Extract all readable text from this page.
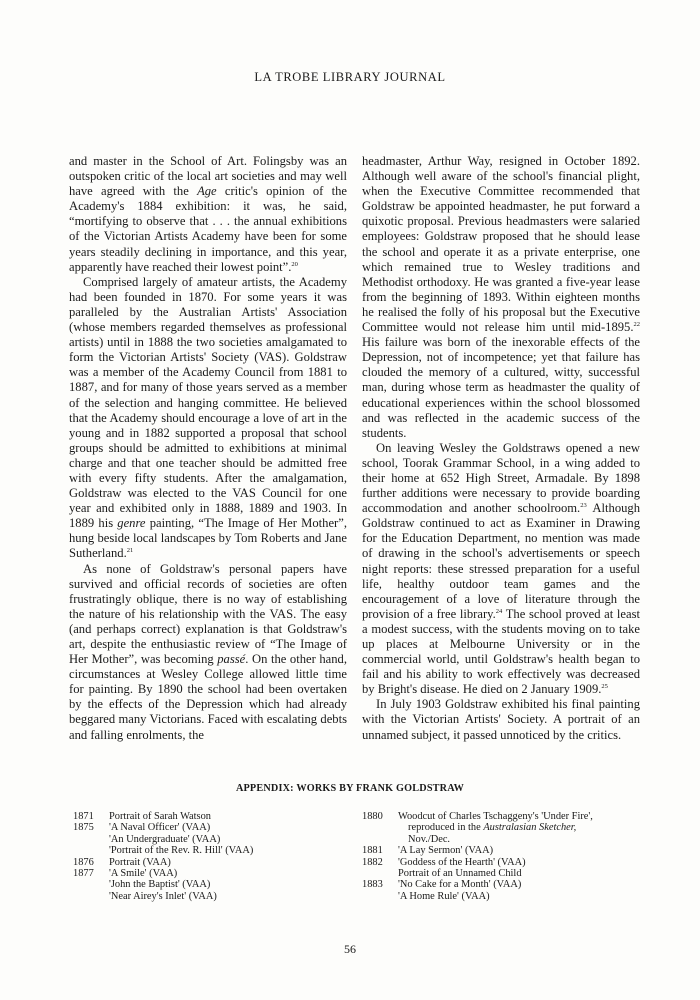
LA TROBE LIBRARY JOURNAL

and master in the School of Art. Folingsby was an outspoken critic of the local art societies and may well have agreed with the Age critic's opinion of the Academy's 1884 exhibition: it was, he said, “mortifying to observe that . . . the annual exhibitions of the Victorian Artists Academy have been for some years steadily declining in importance, and this year, apparently have reached their lowest point”.$^{20}$

Comprised largely of amateur artists, the Academy had been founded in 1870. For some years it was paralleled by the Australian Artists' Association (whose members regarded themselves as professional artists) until in 1888 the two societies amalgamated to form the Victorian Artists' Society (VAS). Goldstraw was a member of the Academy Council from 1881 to 1887, and for many of those years served as a member of the selection and hanging committee. He believed that the Academy should encourage a love of art in the young and in 1882 supported a proposal that school groups should be admitted to exhibitions at minimal charge and that one teacher should be admitted free with every fifty students. After the amalgamation, Goldstraw was elected to the VAS Council for one year and exhibited only in 1888, 1889 and 1903. In 1889 his genre painting, “The Image of Her Mother”, hung beside local landscapes by Tom Roberts and Jane Sutherland.$^{21}$

As none of Goldstraw's personal papers have survived and official records of societies are often frustratingly oblique, there is no way of establishing the nature of his relationship with the VAS. The easy (and perhaps correct) explanation is that Goldstraw's art, despite the enthusiastic review of “The Image of Her Mother”, was becoming passé. On the other hand, circumstances at Wesley College allowed little time for painting. By 1890 the school had been overtaken by the effects of the Depression which had already beggared many Victorians. Faced with escalating debts and falling enrolments, the

headmaster, Arthur Way, resigned in October 1892. Although well aware of the school's financial plight, when the Executive Committee recommended that Goldstraw be appointed headmaster, he put forward a quixotic proposal. Previous headmasters were salaried employees: Goldstraw proposed that he should lease the school and operate it as a private enterprise, one which remained true to Wesley traditions and Methodist orthodoxy. He was granted a five-year lease from the beginning of 1893. Within eighteen months he realised the folly of his proposal but the Executive Committee would not release him until mid-1895.22 His failure was born of the inexorable effects of the Depression, not of incompetence; yet that failure has clouded the memory of a cultured, witty, successful man, during whose term as headmaster the quality of educational experiences within the school blossomed and was reflected in the academic success of the students.

On leaving Wesley the Goldstraws opened a new school, Toorak Grammar School, in a wing added to their home at 652 High Street, Armadale. By 1898 further additions were necessary to provide boarding accommodation and another schoolroom.$^{23}$ Although Goldstraw continued to act as Examiner in Drawing for the Education Department, no mention was made of drawing in the school's advertisements or speech night reports: these stressed preparation for a useful life, healthy outdoor team games and the encouragement of a love of literature through the provision of a free library.$^{24}$ The school proved at least a modest success, with the students moving on to take up places at Melbourne University or in the commercial world, until Goldstraw's health began to fail and his ability to work effectively was decreased by Bright's disease. He died on 2 January 1909.25

In July 1903 Goldstraw exhibited his final painting with the Victorian Artists' Society. A portrait of an unnamed subject, it passed unnoticed by the critics.

APPENDIX: WORKS BY FRANK GOLDSTRAW
1871	Portrait of Sarah Watson
1875	'A Naval Officer' (VAA)
'An Undergraduate' (VAA)
'Portrait of the Rev. R. Hill' (VAA)
1876	Portrait (VAA)
1877	'A Smile' (VAA)
'John the Baptist' (VAA)
'Near Airey's Inlet' (VAA)
1880	Woodcut of Charles Tschaggeny's 'Under Fire',
reproduced in the Australasian Sketcher,
Nov./Dec.
1881	'A Lay Sermon' (VAA)
1882	'Goddess of the Hearth' (VAA)
Portrait of an Unnamed Child
1883	'No Cake for a Month' (VAA)
'A Home Rule' (VAA)
56
